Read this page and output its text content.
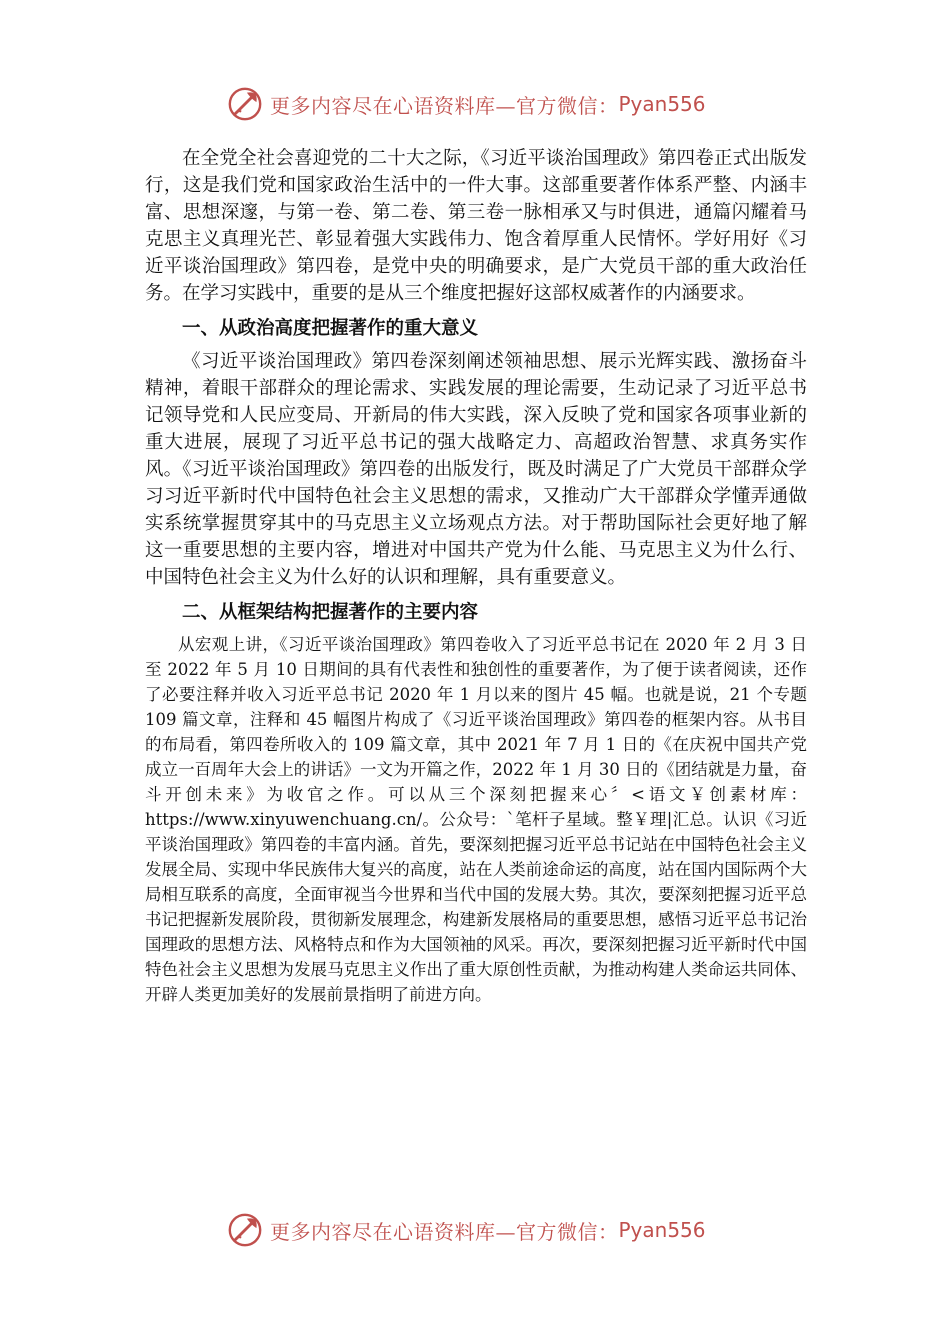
更多内容尽在心语资料库—官方微信： Pyan556

在全党全社会喜迎党的二十大之际，《习近平谈治国理政》第四卷正式出版发行，这是我们党和国家政治生活中的一件大事。这部重要著作体系严整、内涵丰富、思想深邃，与第一卷、第二卷、第三卷一脉相承又与时俱进，通篇闪耀着马克思主义真理光芒、彰显着强大实践伟力、饱含着厚重人民情怀。学好用好《习近平谈治国理政》第四卷，是党中央的明确要求，是广大党员干部的重大政治任务。在学习实践中，重要的是从三个维度把握好这部权威著作的内涵要求。

一、从政治高度把握著作的重大意义

《习近平谈治国理政》第四卷深刻阐述领袖思想、展示光辉实践、激扬奋斗精神，着眼干部群众的理论需求、实践发展的理论需要，生动记录了习近平总书记领导党和人民应变局、开新局的伟大实践，深入反映了党和国家各项事业新的重大进展，展现了习近平总书记的强大战略定力、高超政治智慧、求真务实作风。《习近平谈治国理政》第四卷的出版发行，既及时满足了广大党员干部群众学习习近平新时代中国特色社会主义思想的需求，又推动广大干部群众学懂弄通做实系统掌握贯穿其中的马克思主义立场观点方法。对于帮助国际社会更好地了解这一重要思想的主要内容，增进对中国共产党为什么能、马克思主义为什么行、中国特色社会主义为什么好的认识和理解，具有重要意义。

二、从框架结构把握著作的主要内容

从宏观上讲，《习近平谈治国理政》第四卷收入了习近平总书记在 2020 年 2 月 3 日至 2022 年 5 月 10 日期间的具有代表性和独创性的重要著作，为了便于读者阅读，还作了必要注释并收入习近平总书记 2020 年 1 月以来的图片 45 幅。也就是说，21 个专题 109 篇文章，注释和 45 幅图片构成了《习近平谈治国理政》第四卷的框架内容。从书目的布局看，第四卷所收入的 109 篇文章，其中 2021 年 7 月 1 日的《在庆祝中国共产党成立一百周年大会上的讲话》一文为开篇之作，2022 年 1 月 30 日的《团结就是力量，奋斗开创未来》为收官之作。可以从三个深刻把握来心〞<语文￥创素材库：https://www.xinyuwenchuang.cn/。公众号：`笔杆子星域。整￥理|汇总。认识《习近平谈治国理政》第四卷的丰富内涵。首先，要深刻把握习近平总书记站在中国特色社会主义发展全局、实现中华民族伟大复兴的高度，站在人类前途命运的高度，站在国内国际两个大局相互联系的高度，全面审视当今世界和当代中国的发展大势。其次，要深刻把握习近平总书记把握新发展阶段，贯彻新发展理念，构建新发展格局的重要思想，感悟习近平总书记治国理政的思想方法、风格特点和作为大国领袖的风采。再次，要深刻把握习近平新时代中国特色社会主义思想为发展马克思主义作出了重大原创性贡献，为推动构建人类命运共同体、开辟人类更加美好的发展前景指明了前进方向。

更多内容尽在心语资料库—官方微信： Pyan556
